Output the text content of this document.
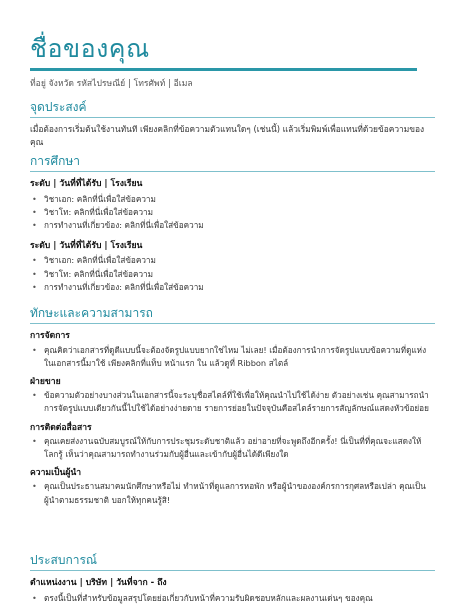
ชื่อของคุณ
ที่อยู่ จังหวัด รหัสไปรษณีย์ | โทรศัพท์ | อีเมล
จุดประสงค์
เมื่อต้องการเริ่มต้นใช้งานทันที เพียงคลิกที่ข้อความตัวแทนใดๆ (เช่นนี้) แล้วเริ่มพิมพ์เพื่อแทนที่ด้วยข้อความของคุณ
การศึกษา
ระดับ | วันที่ที่ได้รับ | โรงเรียน
• วิชาเอก: คลิกที่นี่เพื่อใส่ข้อความ
• วิชาโท: คลิกที่นี่เพื่อใส่ข้อความ
• การทำงานที่เกี่ยวข้อง: คลิกที่นี่เพื่อใส่ข้อความ
ระดับ | วันที่ที่ได้รับ | โรงเรียน
• วิชาเอก: คลิกที่นี่เพื่อใส่ข้อความ
• วิชาโท: คลิกที่นี่เพื่อใส่ข้อความ
• การทำงานที่เกี่ยวข้อง: คลิกที่นี่เพื่อใส่ข้อความ
ทักษะและความสามารถ
การจัดการ
• คุณคิดว่าเอกสารที่ดูดีแบบนี้จะต้องจัดรูปแบบยากใช่ไหม ไม่เลย! เมื่อต้องการนำการจัดรูปแบบข้อความที่ดูแห่งในเอกสารนี้มาใช้ เพียงคลิกที่แท็บ หน้าแรก ใน แล้วดูที่ Ribbon สไตล์
ฝ่ายขาย
• ข้อความตัวอย่างบางส่วนในเอกสารนี้จะระบุชื่อสไตล์ที่ใช้เพื่อให้คุณนำไปใช้ได้ง่าย ตัวอย่างเช่น คุณสามารถนำการจัดรูปแบบเดียวกันนี้ไปใช้ได้อย่างง่ายดาย รายการย่อยในปัจจุบันคือสไตล์รายการสัญลักษณ์แสดงหัวข้อย่อย
การติดต่อสื่อสาร
• คุณเคยส่งงานฉบับสมบูรณ์ให้กับการประชุมระดับชาติแล้ว อย่าอายที่จะพูดถึงอีกครั้ง! นี่เป็นที่ที่คุณจะแสดงให้โลกรู้ เห็นว่าคุณสามารถทำงานร่วมกับผู้อื่นและเข้ากับผู้อื่นได้ดีเพียงใด
ความเป็นผู้นำ
• คุณเป็นประธานสมาคมนักศึกษาหรือไม่ ทำหน้าที่ดูแลการหอพัก หรือผู้นำขององค์กรการกุศลหรือเปล่า คุณเป็นผู้นำตามธรรมชาติ บอกให้ทุกคนรู้สิ!
ประสบการณ์
ตำแหน่งงาน | บริษัท | วันที่จาก - ถึง
• ตรงนี้เป็นที่สำหรับข้อมูลสรุปโดยย่อเกี่ยวกับหน้าที่ความรับผิดชอบหลักและผลงานเด่นๆ ของคุณ
